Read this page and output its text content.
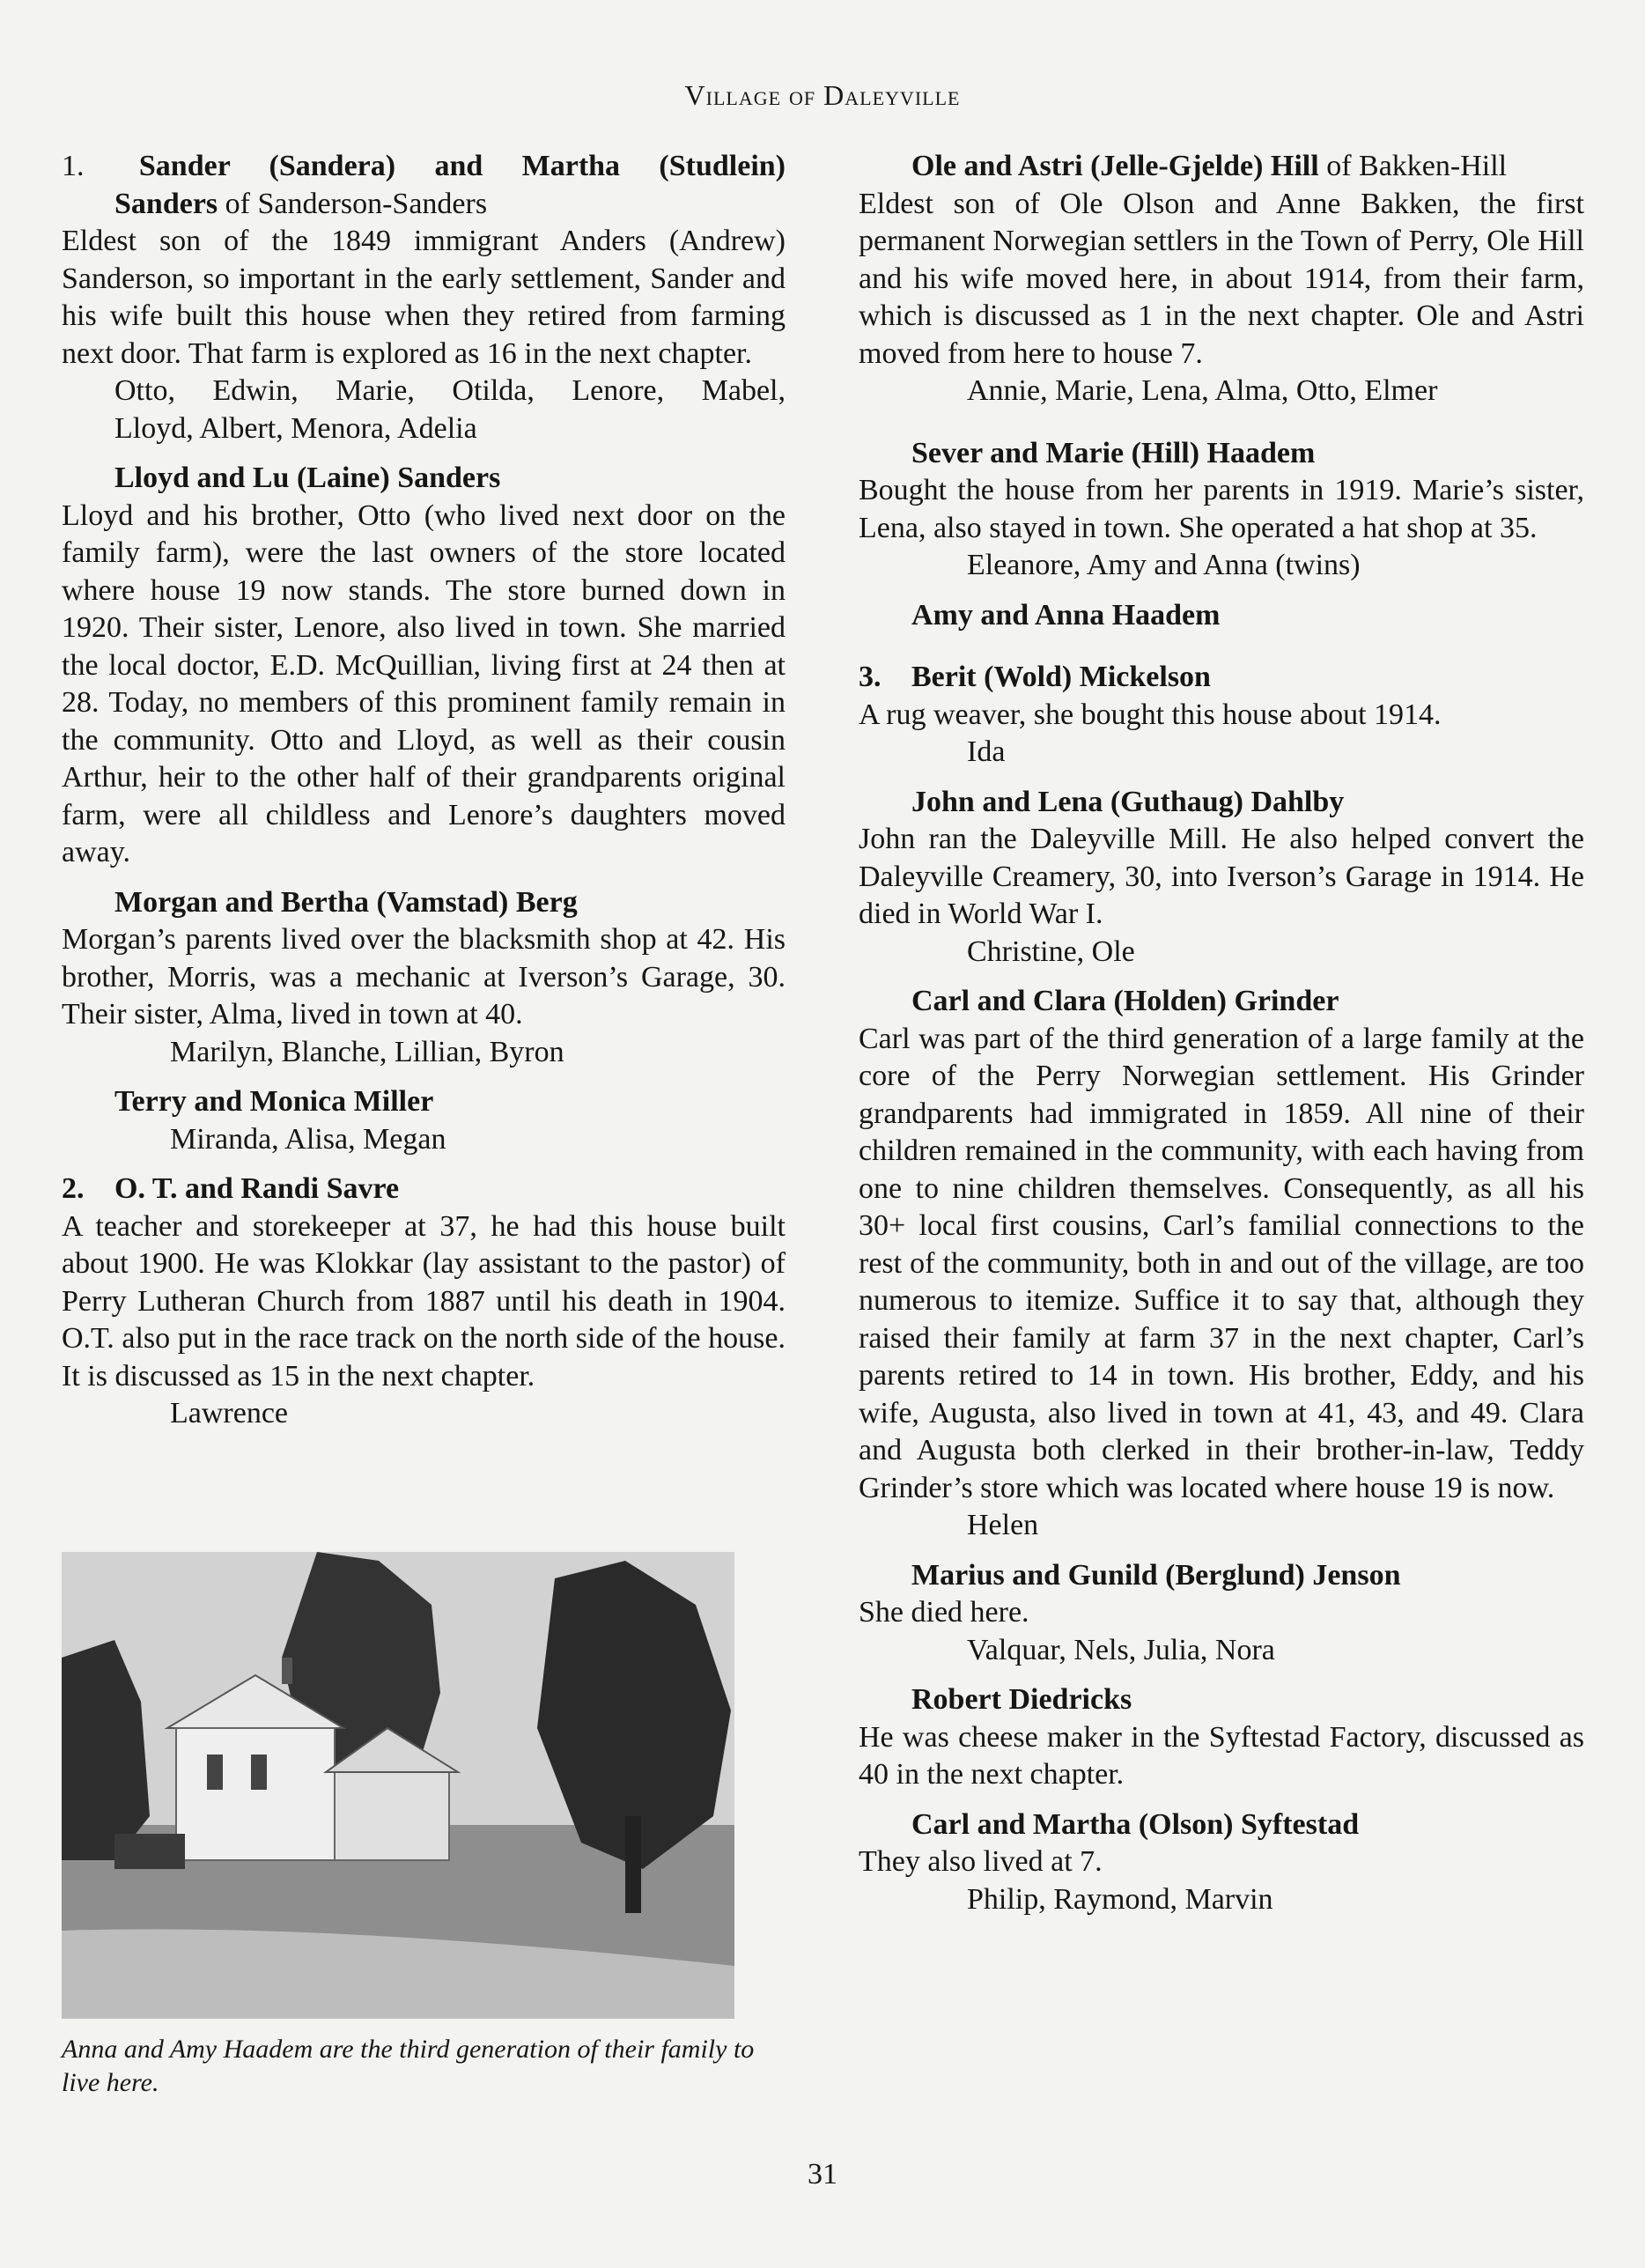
Village of Daleyville
1. Sander (Sandera) and Martha (Studlein)
Sanders of Sanderson-Sanders
Eldest son of the 1849 immigrant Anders (Andrew) Sanderson, so important in the early settlement, Sander and his wife built this house when they retired from farming next door. That farm is explored as 16 in the next chapter.
Otto, Edwin, Marie, Otilda, Lenore, Mabel,
Lloyd, Albert, Menora, Adelia
Lloyd and Lu (Laine) Sanders
Lloyd and his brother, Otto (who lived next door on the family farm), were the last owners of the store located where house 19 now stands. The store burned down in 1920. Their sister, Lenore, also lived in town. She married the local doctor, E.D. McQuillian, living first at 24 then at 28. Today, no members of this prominent family remain in the community. Otto and Lloyd, as well as their cousin Arthur, heir to the other half of their grandparents original farm, were all childless and Lenore’s daughters moved away.
Morgan and Bertha (Vamstad) Berg
Morgan’s parents lived over the blacksmith shop at 42. His brother, Morris, was a mechanic at Iverson’s Garage, 30. Their sister, Alma, lived in town at 40.
Marilyn, Blanche, Lillian, Byron
Terry and Monica Miller
Miranda, Alisa, Megan
2. O. T. and Randi Savre
A teacher and storekeeper at 37, he had this house built about 1900. He was Klokkar (lay assistant to the pastor) of Perry Lutheran Church from 1887 until his death in 1904. O.T. also put in the race track on the north side of the house. It is discussed as 15 in the next chapter.
Lawrence
Anna and Amy Haadem are the third generation of their family to live here.
Ole and Astri (Jelle-Gjelde) Hill of Bakken-Hill
Eldest son of Ole Olson and Anne Bakken, the first permanent Norwegian settlers in the Town of Perry, Ole Hill and his wife moved here, in about 1914, from their farm, which is discussed as 1 in the next chapter. Ole and Astri moved from here to house 7.
Annie, Marie, Lena, Alma, Otto, Elmer
Sever and Marie (Hill) Haadem
Bought the house from her parents in 1919. Marie’s sister, Lena, also stayed in town. She operated a hat shop at 35.
Eleanore, Amy and Anna (twins)
Amy and Anna Haadem
3. Berit (Wold) Mickelson
A rug weaver, she bought this house about 1914.
Ida
John and Lena (Guthaug) Dahlby
John ran the Daleyville Mill. He also helped convert the Daleyville Creamery, 30, into Iverson’s Garage in 1914. He died in World War I.
Christine, Ole
Carl and Clara (Holden) Grinder
Carl was part of the third generation of a large family at the core of the Perry Norwegian settlement. His Grinder grandparents had immigrated in 1859. All nine of their children remained in the community, with each having from one to nine children themselves. Consequently, as all his 30+ local first cousins, Carl’s familial connections to the rest of the community, both in and out of the village, are too numerous to itemize. Suffice it to say that, although they raised their family at farm 37 in the next chapter, Carl’s parents retired to 14 in town. His brother, Eddy, and his wife, Augusta, also lived in town at 41, 43, and 49. Clara and Augusta both clerked in their brother-in-law, Teddy Grinder’s store which was located where house 19 is now.
Helen
Marius and Gunild (Berglund) Jenson
She died here.
Valquar, Nels, Julia, Nora
Robert Diedricks
He was cheese maker in the Syftestad Factory, discussed as 40 in the next chapter.
Carl and Martha (Olson) Syftestad
They also lived at 7.
Philip, Raymond, Marvin
31
